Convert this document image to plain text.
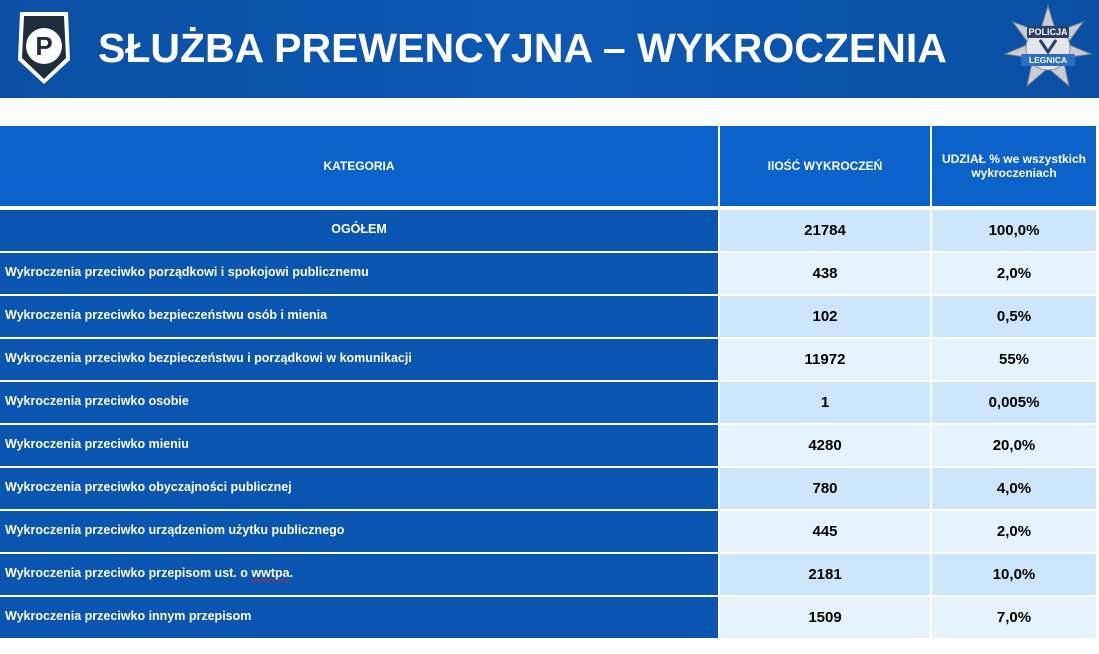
P SŁUŻBA PREWENCYJNA – WYKROCZENIA	POLICJA
LEGNICA
KATEGORIA	IlOŚĆ WYKROCZEŃ	UDZIAŁ % we wszystkich wykroczeniach

OGÓŁEM	21784	100,0%
Wykroczenia przeciwko porządkowi i spokojowi publicznemu	438	2,0%
Wykroczenia przeciwko bezpieczeństwu osób i mienia	102	0,5%
Wykroczenia przeciwko bezpieczeństwu i porządkowi w komunikacji	11972	55%
Wykroczenia przeciwko osobie	1	0,005%
Wykroczenia przeciwko mieniu	4280	20,0%
Wykroczenia przeciwko obyczajności publicznej	780	4,0%
Wykroczenia przeciwko urządzeniom użytku publicznego	445	2,0%
Wykroczenia przeciwko przepisom ust. o wwtpa.	2181	10,0%
Wykroczenia przeciwko innym przepisom	1509	7,0%
